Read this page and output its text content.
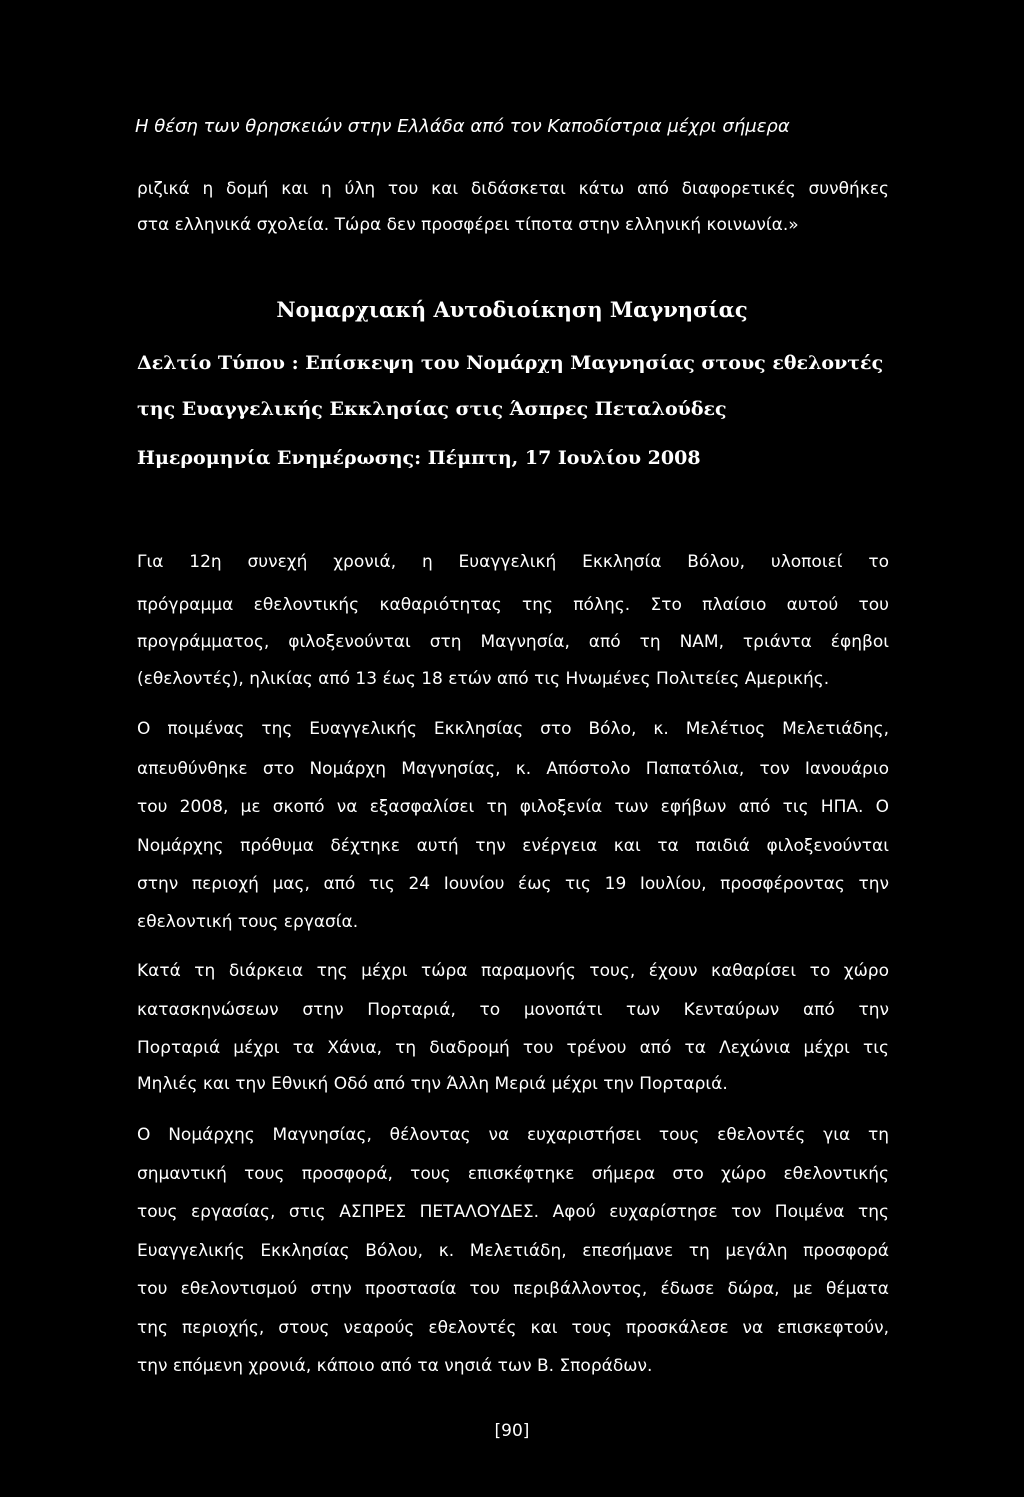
Η θέση των θρησκειών στην Ελλάδα από τον Καποδίστρια μέχρι σήμερα
ριζικά η δομή και η ύλη του και διδάσκεται κάτω από διαφορετικές συνθήκες
στα ελληνικά σχολεία. Τώρα δεν προσφέρει τίποτα στην ελληνική κοινωνία.»
Νομαρχιακή Αυτοδιοίκηση Μαγνησίας
Δελτίο Τύπου : Επίσκεψη του Νομάρχη Μαγνησίας στους εθελοντές
της Ευαγγελικής Εκκλησίας στις Άσπρες Πεταλούδες
Ημερομηνία Ενημέρωσης: Πέμπτη, 17 Ιουλίου 2008
Για 12η συνεχή χρονιά, η Ευαγγελική Εκκλησία Βόλου, υλοποιεί το
πρόγραμμα εθελοντικής καθαριότητας της πόλης. Στο πλαίσιο αυτού του
προγράμματος, φιλοξενούνται στη Μαγνησία, από τη ΝΑΜ, τριάντα έφηβοι
(εθελοντές), ηλικίας από 13 έως 18 ετών από τις Ηνωμένες Πολιτείες Αμερικής.
Ο ποιμένας της Ευαγγελικής Εκκλησίας στο Βόλο, κ. Μελέτιος Μελετιάδης,
απευθύνθηκε στο Νομάρχη Μαγνησίας, κ. Απόστολο Παπατόλια, τον Ιανουάριο
του 2008, με σκοπό να εξασφαλίσει τη φιλοξενία των εφήβων από τις ΗΠΑ. Ο
Νομάρχης πρόθυμα δέχτηκε αυτή την ενέργεια και τα παιδιά φιλοξενούνται
στην περιοχή μας, από τις 24 Ιουνίου έως τις 19 Ιουλίου, προσφέροντας την
εθελοντική τους εργασία.
Κατά τη διάρκεια της μέχρι τώρα παραμονής τους, έχουν καθαρίσει το χώρο
κατασκηνώσεων στην Πορταριά, το μονοπάτι των Κενταύρων από την
Πορταριά μέχρι τα Χάνια, τη διαδρομή του τρένου από τα Λεχώνια μέχρι τις
Μηλιές και την Εθνική Οδό από την Άλλη Μεριά μέχρι την Πορταριά.
Ο Νομάρχης Μαγνησίας, θέλοντας να ευχαριστήσει τους εθελοντές για τη
σημαντική τους προσφορά, τους επισκέφτηκε σήμερα στο χώρο εθελοντικής
τους εργασίας, στις ΑΣΠΡΕΣ ΠΕΤΑΛΟΥΔΕΣ. Αφού ευχαρίστησε τον Ποιμένα της
Ευαγγελικής Εκκλησίας Βόλου, κ. Μελετιάδη, επεσήμανε τη μεγάλη προσφορά
του εθελοντισμού στην προστασία του περιβάλλοντος, έδωσε δώρα, με θέματα
της περιοχής, στους νεαρούς εθελοντές και τους προσκάλεσε να επισκεφτούν,
την επόμενη χρονιά, κάποιο από τα νησιά των Β. Σποράδων.
[90]
